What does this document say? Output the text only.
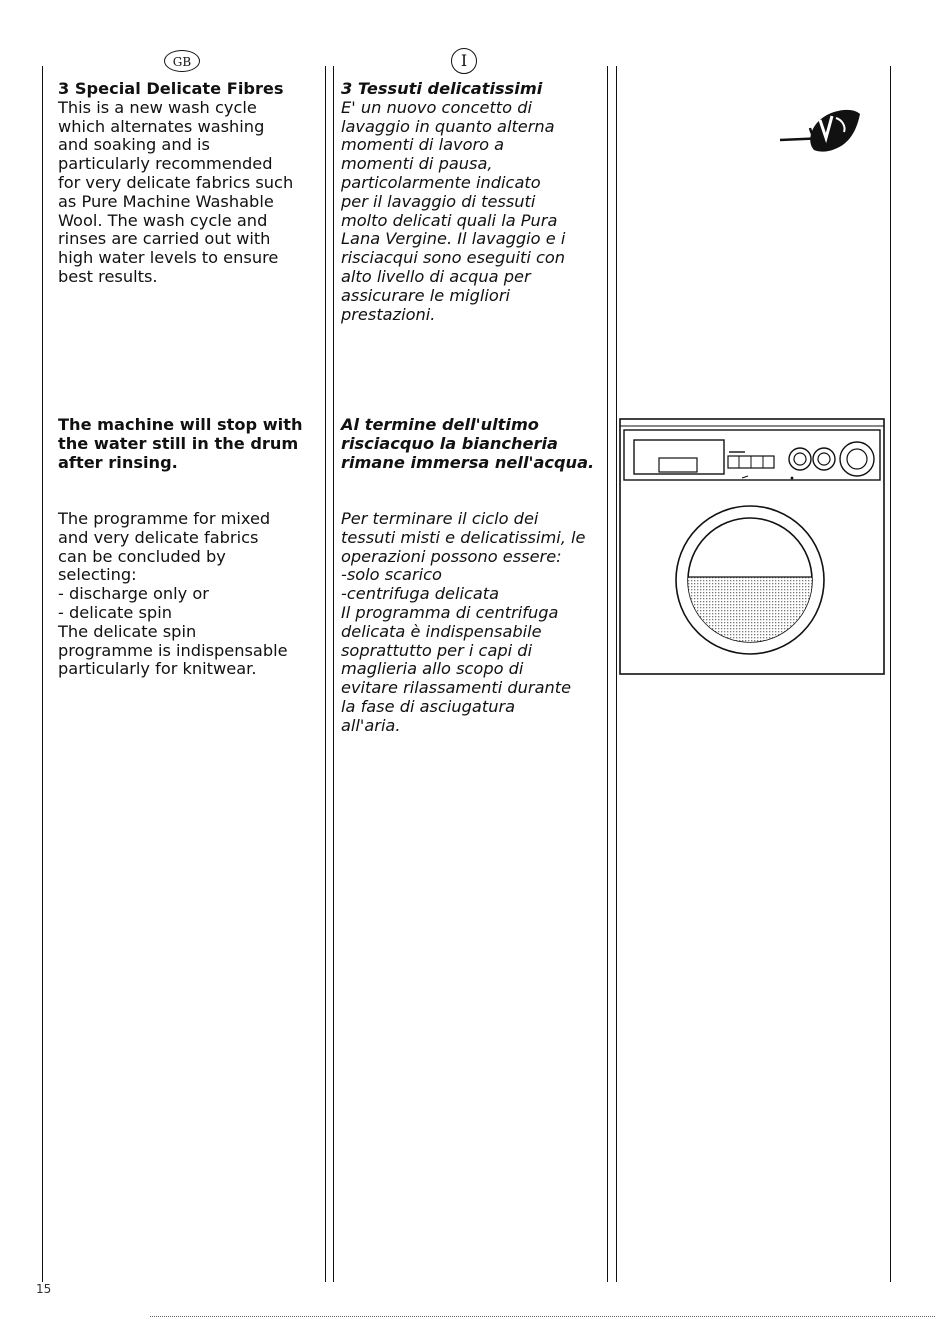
GB	I

3 Special Delicate Fibres

This is a new wash cycle

which alternates washing

and soaking and is

particularly recommended

for very delicate fabrics such

as Pure Machine Washable

Wool. The wash cycle and

rinses are carried out with

high water levels to ensure

best results.

The machine will stop with

the water still in the drum

after rinsing.

The programme for mixed

and very delicate fabrics

can be concluded by

selecting:

- discharge only or

- delicate spin

The delicate spin

programme is indispensable

particularly for knitwear.

3 Tessuti delicatissimi

E' un nuovo concetto di

lavaggio in quanto alterna

momenti di lavoro a

momenti di pausa,

particolarmente indicato

per il lavaggio di tessuti

molto delicati quali la Pura

Lana Vergine. Il lavaggio e i

risciacqui sono eseguiti con

alto livello di acqua per

assicurare le migliori

prestazioni.

Al termine dell'ultimo

risciacquo la biancheria

rimane immersa nell'acqua.

Per terminare il ciclo dei

tessuti misti e delicatissimi, le

operazioni possono essere:

-solo scarico

-centrifuga delicata

Il programma di centrifuga

delicata è indispensabile

soprattutto per i capi di

maglieria allo scopo di

evitare rilassamenti durante

la fase di asciugatura

all'aria.

15
